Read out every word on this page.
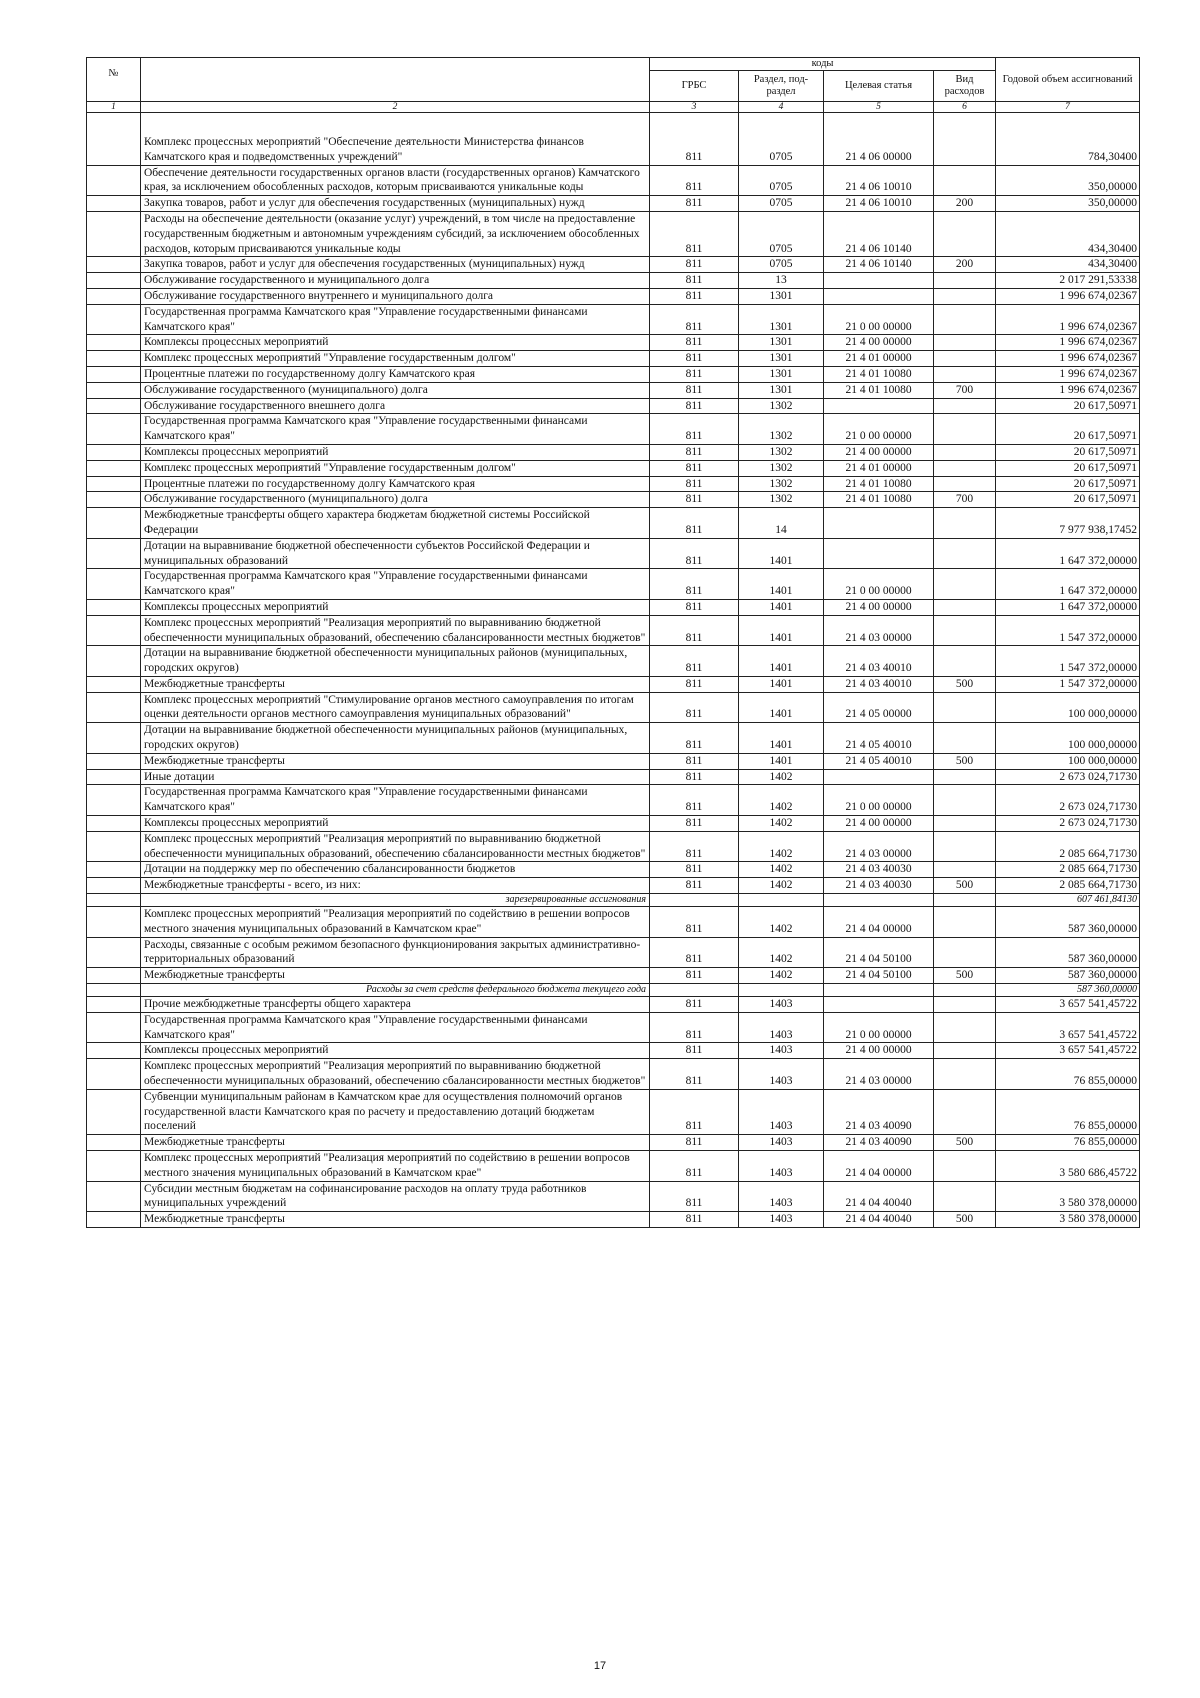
№		коды				Годовой объем ассигнований
		ГРБС	Раздел, под-раздел	Целевая статья	Вид расходов	
1	2	3	4	5	6	7

	Комплекс процессных мероприятий "Обеспечение деятельности Министерства финансов Камчатского края и подведомственных учреждений"	811	0705	21 4 06 00000		784,30400
	Обеспечение деятельности государственных органов власти (государственных органов) Камчатского края, за исключением обособленных расходов, которым присваиваются уникальные коды	811	0705	21 4 06 10010		350,00000
	Закупка товаров, работ и услуг для обеспечения государственных (муниципальных) нужд	811	0705	21 4 06 10010	200	350,00000
	Расходы на обеспечение деятельности (оказание услуг) учреждений, в том числе на предоставление государственным бюджетным и автономным учреждениям субсидий, за исключением обособленных расходов, которым присваиваются уникальные коды	811	0705	21 4 06 10140		434,30400
	Закупка товаров, работ и услуг для обеспечения государственных (муниципальных) нужд	811	0705	21 4 06 10140	200	434,30400
	Обслуживание государственного и муниципального долга	811	13			2 017 291,53338
	Обслуживание государственного внутреннего и муниципального долга	811	1301			1 996 674,02367
	Государственная программа Камчатского края "Управление государственными финансами Камчатского края"	811	1301	21 0 00 00000		1 996 674,02367
	Комплексы процессных мероприятий	811	1301	21 4 00 00000		1 996 674,02367
	Комплекс процессных мероприятий "Управление государственным долгом"	811	1301	21 4 01 00000		1 996 674,02367
	Процентные платежи по государственному долгу Камчатского края	811	1301	21 4 01 10080		1 996 674,02367
	Обслуживание государственного (муниципального) долга	811	1301	21 4 01 10080	700	1 996 674,02367
	Обслуживание государственного внешнего долга	811	1302			20 617,50971
	Государственная программа Камчатского края "Управление государственными финансами Камчатского края"	811	1302	21 0 00 00000		20 617,50971
	Комплексы процессных мероприятий	811	1302	21 4 00 00000		20 617,50971
	Комплекс процессных мероприятий "Управление государственным долгом"	811	1302	21 4 01 00000		20 617,50971
	Процентные платежи по государственному долгу Камчатского края	811	1302	21 4 01 10080		20 617,50971
	Обслуживание государственного (муниципального) долга	811	1302	21 4 01 10080	700	20 617,50971
	Межбюджетные трансферты общего характера бюджетам бюджетной системы Российской Федерации	811	14			7 977 938,17452
	Дотации на выравнивание бюджетной обеспеченности субъектов Российской Федерации и муниципальных образований	811	1401			1 647 372,00000
	Государственная программа Камчатского края "Управление государственными финансами Камчатского края"	811	1401	21 0 00 00000		1 647 372,00000
	Комплексы процессных мероприятий	811	1401	21 4 00 00000		1 647 372,00000
	Комплекс процессных мероприятий "Реализация мероприятий по выравниванию бюджетной обеспеченности муниципальных образований, обеспечению сбалансированности местных бюджетов"	811	1401	21 4 03 00000		1 547 372,00000
	Дотации на выравнивание бюджетной обеспеченности муниципальных районов (муниципальных, городских округов)	811	1401	21 4 03 40010		1 547 372,00000
	Межбюджетные трансферты	811	1401	21 4 03 40010	500	1 547 372,00000
	Комплекс процессных мероприятий "Стимулирование органов местного самоуправления по итогам оценки деятельности органов местного самоуправления муниципальных образований"	811	1401	21 4 05 00000		100 000,00000
	Дотации на выравнивание бюджетной обеспеченности муниципальных районов (муниципальных, городских округов)	811	1401	21 4 05 40010		100 000,00000
	Межбюджетные трансферты	811	1401	21 4 05 40010	500	100 000,00000
	Иные дотации	811	1402			2 673 024,71730
	Государственная программа Камчатского края "Управление государственными финансами Камчатского края"	811	1402	21 0 00 00000		2 673 024,71730
	Комплексы процессных мероприятий	811	1402	21 4 00 00000		2 673 024,71730
	Комплекс процессных мероприятий "Реализация мероприятий по выравниванию бюджетной обеспеченности муниципальных образований, обеспечению сбалансированности местных бюджетов"	811	1402	21 4 03 00000		2 085 664,71730
	Дотации на поддержку мер по обеспечению сбалансированности бюджетов	811	1402	21 4 03 40030		2 085 664,71730
	Межбюджетные трансферты - всего, из них:	811	1402	21 4 03 40030	500	2 085 664,71730
	зарезервированные ассигнования					607 461,84130
	Комплекс процессных мероприятий "Реализация мероприятий по содействию в решении вопросов местного значения муниципальных образований в Камчатском крае"	811	1402	21 4 04 00000		587 360,00000
	Расходы, связанные с особым режимом безопасного функционирования закрытых административно-территориальных образований	811	1402	21 4 04 50100		587 360,00000
	Межбюджетные трансферты	811	1402	21 4 04 50100	500	587 360,00000
	Расходы за счет средств федерального бюджета текущего года					587 360,00000
	Прочие межбюджетные трансферты общего характера	811	1403			3 657 541,45722
	Государственная программа Камчатского края "Управление государственными финансами Камчатского края"	811	1403	21 0 00 00000		3 657 541,45722
	Комплексы процессных мероприятий	811	1403	21 4 00 00000		3 657 541,45722
	Комплекс процессных мероприятий "Реализация мероприятий по выравниванию бюджетной обеспеченности муниципальных образований, обеспечению сбалансированности местных бюджетов"	811	1403	21 4 03 00000		76 855,00000
	Субвенции муниципальным районам в Камчатском крае для осуществления полномочий органов государственной власти Камчатского края по расчету и предоставлению дотаций бюджетам поселений	811	1403	21 4 03 40090		76 855,00000
	Межбюджетные трансферты	811	1403	21 4 03 40090	500	76 855,00000
	Комплекс процессных мероприятий "Реализация мероприятий по содействию в решении вопросов местного значения муниципальных образований в Камчатском крае"	811	1403	21 4 04 00000		3 580 686,45722
	Субсидии местным бюджетам на софинансирование расходов на оплату труда работников муниципальных учреждений	811	1403	21 4 04 40040		3 580 378,00000
	Межбюджетные трансферты	811	1403	21 4 04 40040	500	3 580 378,00000
17
